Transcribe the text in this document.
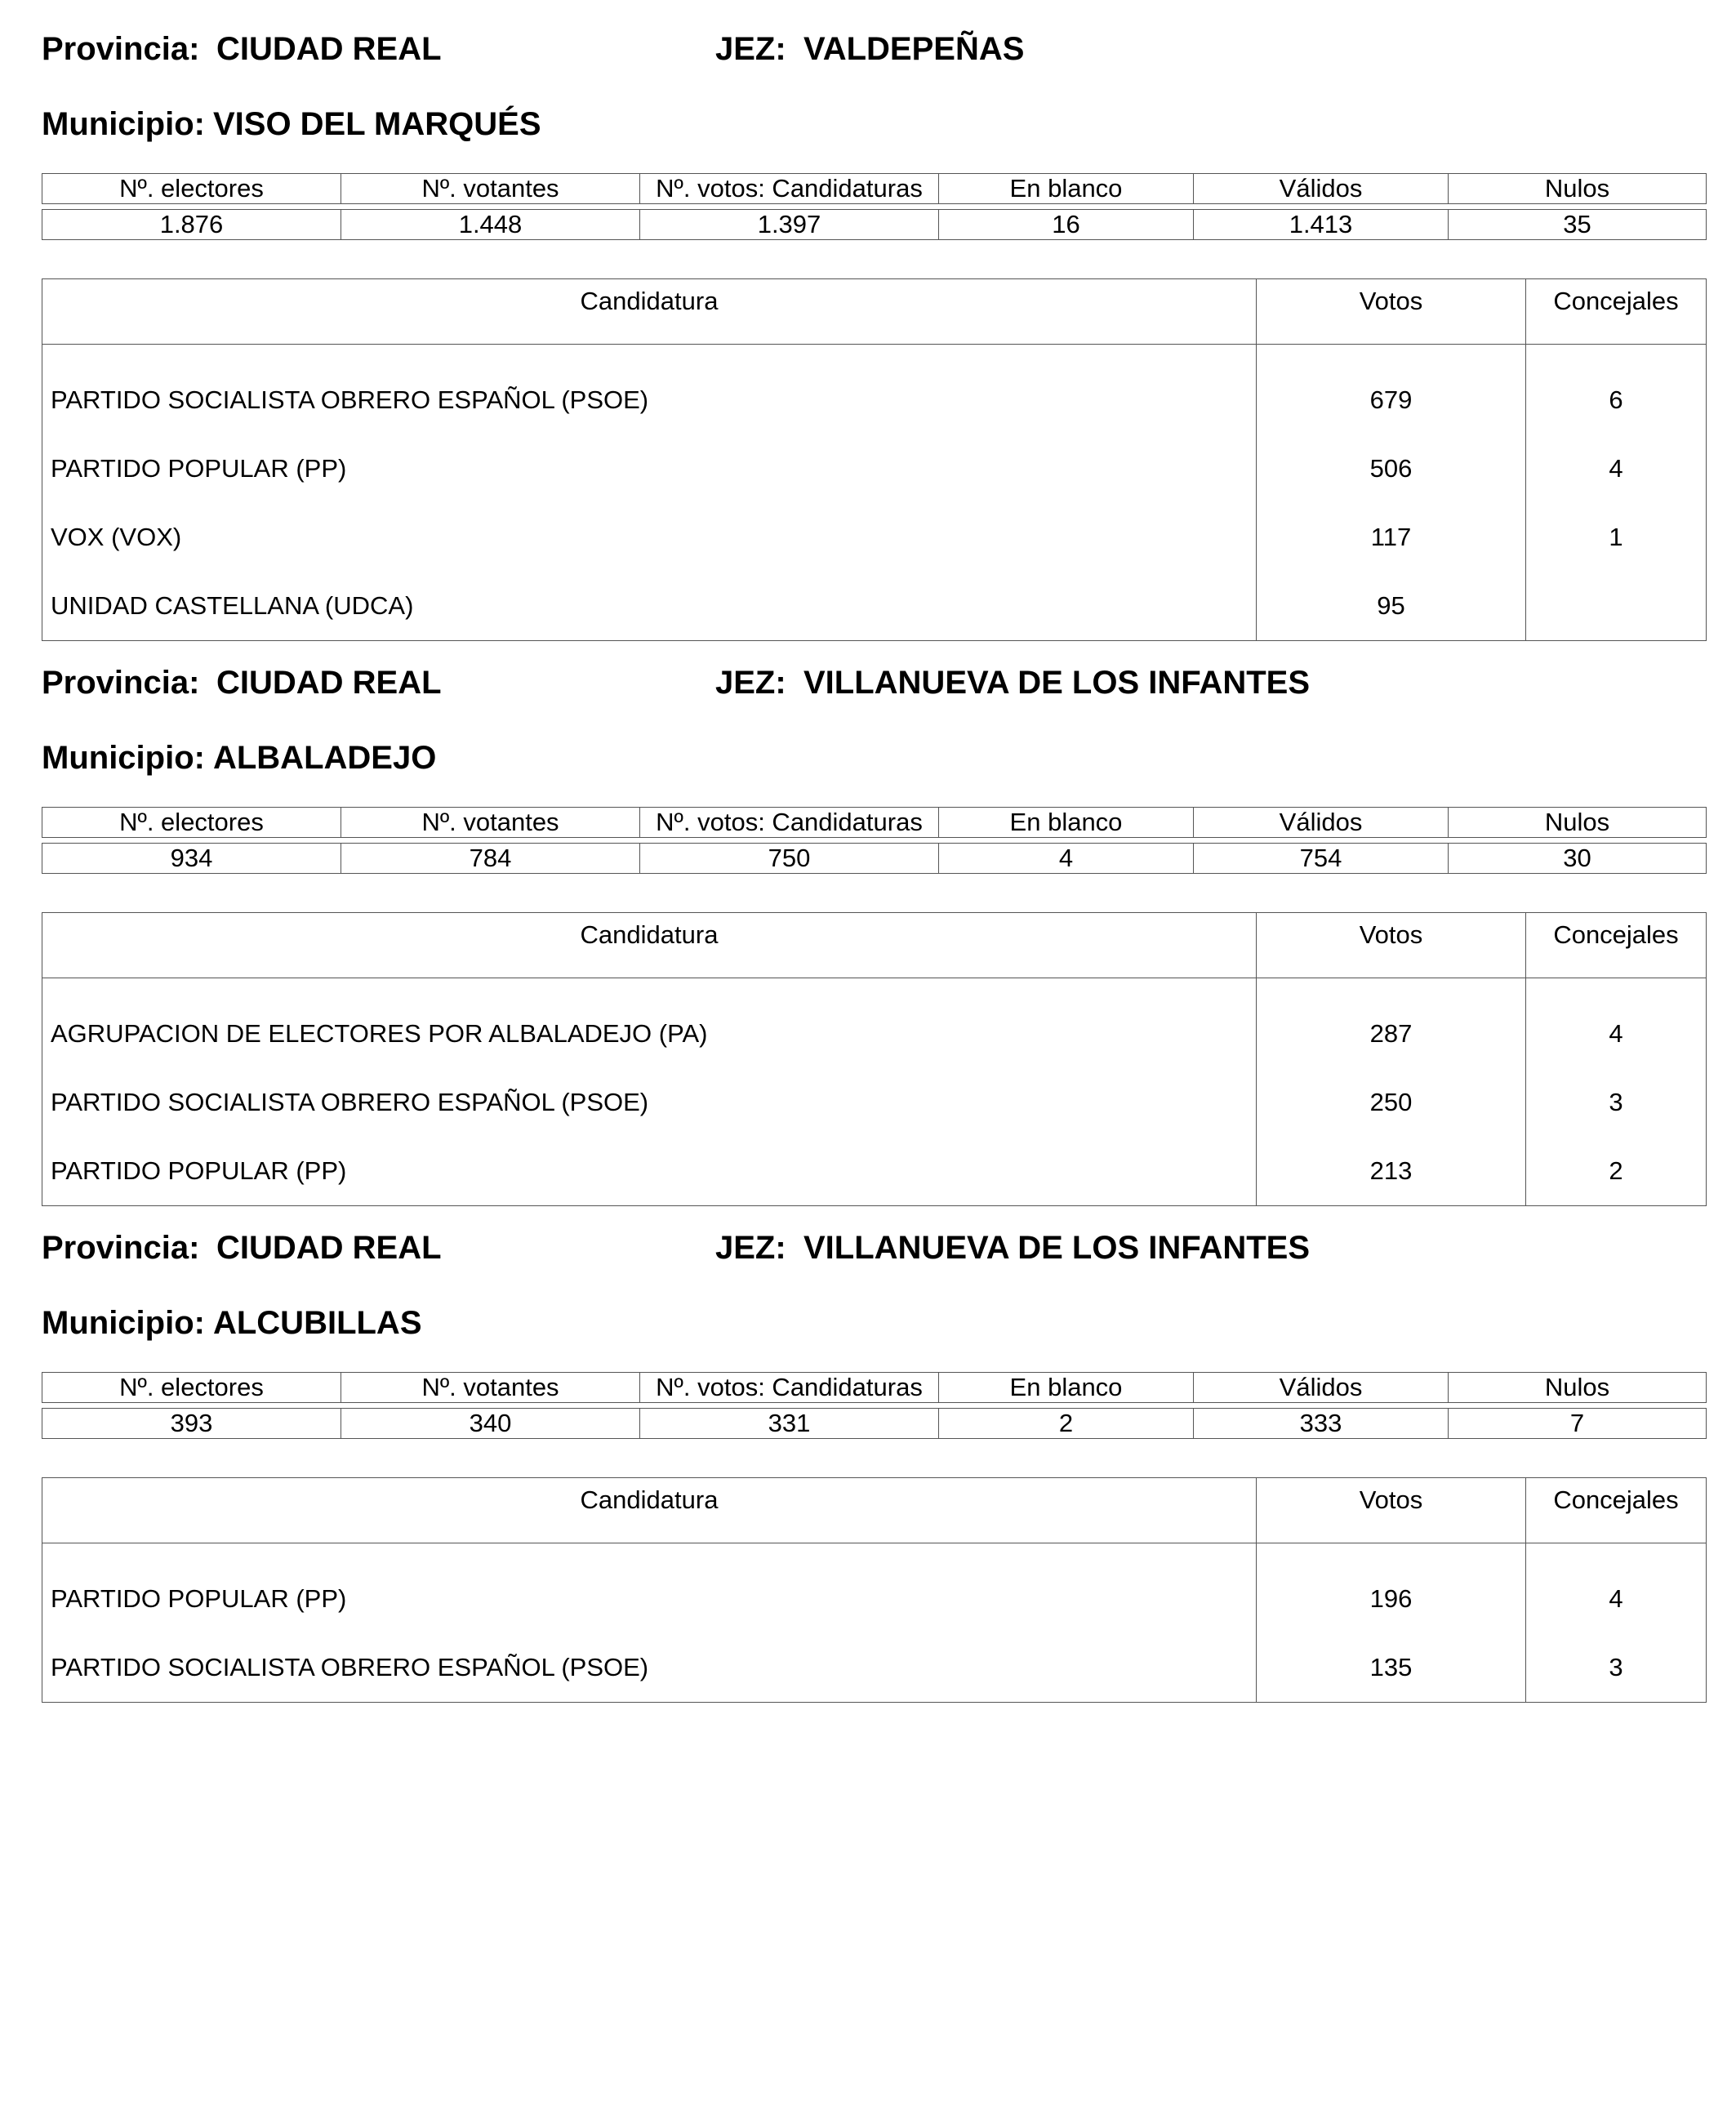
Provincia: CIUDAD REAL	JEZ: VALDEPEÑAS
Municipio: VISO DEL MARQUÉS
Nº. electores	Nº. votantes	Nº. votos: Candidaturas	En blanco	Válidos	Nulos

1.876	1.448	1.397	16	1.413	35
Candidatura	Votos	Concejales
PARTIDO SOCIALISTA OBRERO ESPAÑOL (PSOE)	679	6
PARTIDO POPULAR (PP)	506	4
VOX (VOX)	117	1
UNIDAD CASTELLANA (UDCA)	95	
Provincia: CIUDAD REAL	JEZ: VILLANUEVA DE LOS INFANTES
Municipio: ALBALADEJO
Nº. electores	Nº. votantes	Nº. votos: Candidaturas	En blanco	Válidos	Nulos

934	784	750	4	754	30
Candidatura	Votos	Concejales
AGRUPACION DE ELECTORES POR ALBALADEJO (PA)	287	4
PARTIDO SOCIALISTA OBRERO ESPAÑOL (PSOE)	250	3
PARTIDO POPULAR (PP)	213	2
Provincia: CIUDAD REAL	JEZ: VILLANUEVA DE LOS INFANTES
Municipio: ALCUBILLAS
Nº. electores	Nº. votantes	Nº. votos: Candidaturas	En blanco	Válidos	Nulos

393	340	331	2	333	7
Candidatura	Votos	Concejales
PARTIDO POPULAR (PP)	196	4
PARTIDO SOCIALISTA OBRERO ESPAÑOL (PSOE)	135	3
